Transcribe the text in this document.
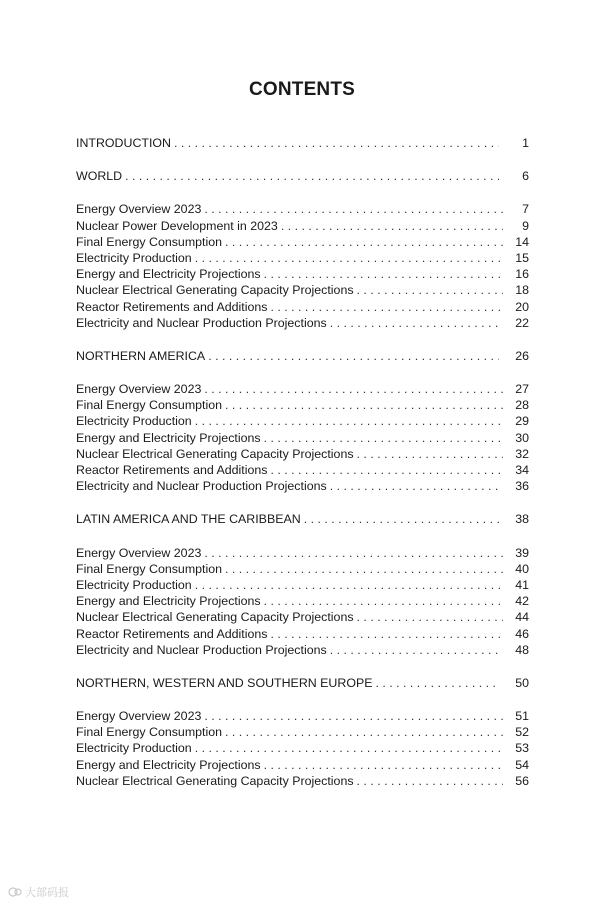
CONTENTS
INTRODUCTION . . .	1
WORLD . . .	6
Energy Overview 2023 . . .	7
Nuclear Power Development in 2023 . . .	9
Final Energy Consumption . . .	14
Electricity Production . . .	15
Energy and Electricity Projections . . .	16
Nuclear Electrical Generating Capacity Projections . . .	18
Reactor Retirements and Additions . . .	20
Electricity and Nuclear Production Projections . . .	22
NORTHERN AMERICA . . .	26
Energy Overview 2023 . . .	27
Final Energy Consumption . . .	28
Electricity Production . . .	29
Energy and Electricity Projections . . .	30
Nuclear Electrical Generating Capacity Projections . . .	32
Reactor Retirements and Additions . . .	34
Electricity and Nuclear Production Projections . . .	36
LATIN AMERICA AND THE CARIBBEAN . . .	38
Energy Overview 2023 . . .	39
Final Energy Consumption . . .	40
Electricity Production . . .	41
Energy and Electricity Projections . . .	42
Nuclear Electrical Generating Capacity Projections . . .	44
Reactor Retirements and Additions . . .	46
Electricity and Nuclear Production Projections . . .	48
NORTHERN, WESTERN AND SOUTHERN EUROPE . . .	50
Energy Overview 2023 . . .	51
Final Energy Consumption . . .	52
Electricity Production . . .	53
Energy and Electricity Projections . . .	54
Nuclear Electrical Generating Capacity Projections . . .	56
大部码报
